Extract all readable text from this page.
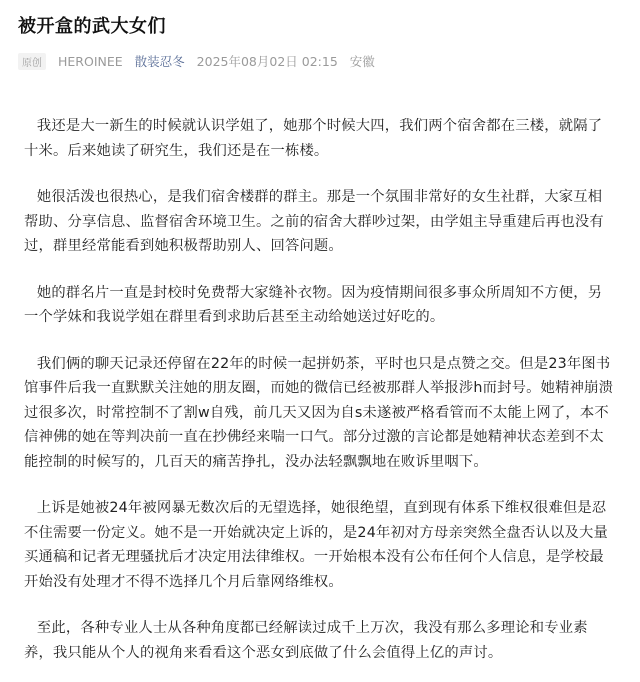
被开盒的武大女们
原创	HEROINEE 散装忍冬 2025年08月02日 02:15 安徽

我还是大一新生的时候就认识学姐了，她那个时候大四，我们两个宿舍都在三楼，就隔了十米。后来她读了研究生，我们还是在一栋楼。

她很活泼也很热心，是我们宿舍楼群的群主。那是一个氛围非常好的女生社群，大家互相帮助、分享信息、监督宿舍环境卫生。之前的宿舍大群吵过架，由学姐主导重建后再也没有过，群里经常能看到她积极帮助别人、回答问题。

她的群名片一直是封校时免费帮大家缝补衣物。因为疫情期间很多事众所周知不方便，另一个学妹和我说学姐在群里看到求助后甚至主动给她送过好吃的。

我们俩的聊天记录还停留在22年的时候一起拼奶茶，平时也只是点赞之交。但是23年图书馆事件后我一直默默关注她的朋友圈，而她的微信已经被那群人举报涉h而封号。她精神崩溃过很多次，时常控制不了割w自残，前几天又因为自s未遂被严格看管而不太能上网了，本不信神佛的她在等判决前一直在抄佛经来喘一口气。部分过激的言论都是她精神状态差到不太能控制的时候写的，几百天的痛苦挣扎，没办法轻飘飘地在败诉里咽下。

上诉是她被24年被网暴无数次后的无望选择，她很绝望，直到现有体系下维权很难但是忍不住需要一份定义。她不是一开始就决定上诉的，是24年初对方母亲突然全盘否认以及大量买通稿和记者无理骚扰后才决定用法律维权。一开始根本没有公布任何个人信息，是学校最开始没有处理才不得不选择几个月后靠网络维权。

至此，各种专业人士从各种角度都已经解读过成千上万次，我没有那么多理论和专业素养，我只能从个人的视角来看看这个恶女到底做了什么会值得上亿的声讨。
